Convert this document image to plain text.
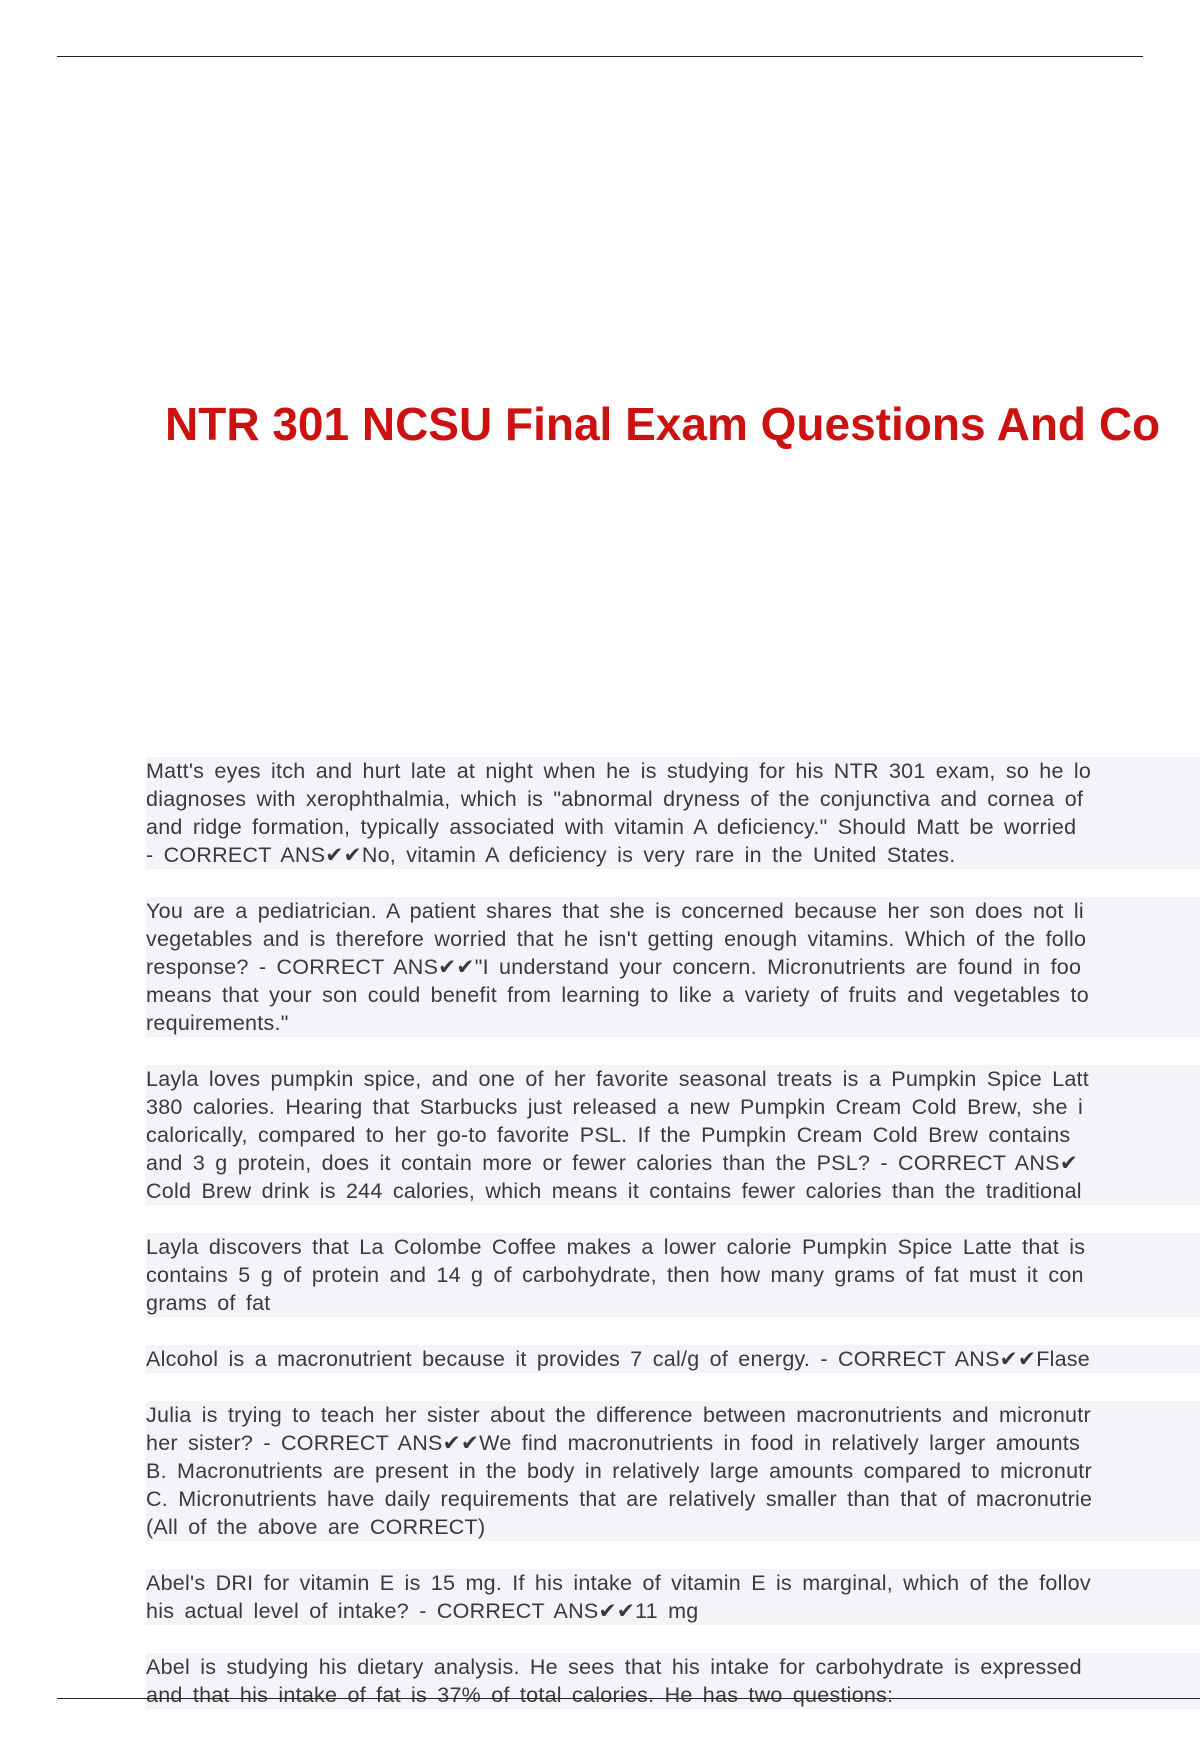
NTR 301 NCSU Final Exam Questions And Co
Matt's eyes itch and hurt late at night when he is studying for his NTR 301 exam, so he lo
diagnoses with xerophthalmia, which is "abnormal dryness of the conjunctiva and cornea of
and ridge formation, typically associated with vitamin A deficiency." Should Matt be worried
- CORRECT ANS✔✔No, vitamin A deficiency is very rare in the United States.
You are a pediatrician. A patient shares that she is concerned because her son does not li
vegetables and is therefore worried that he isn't getting enough vitamins. Which of the follo
response? - CORRECT ANS✔✔"I understand your concern. Micronutrients are found in foo
means that your son could benefit from learning to like a variety of fruits and vegetables to
requirements."
Layla loves pumpkin spice, and one of her favorite seasonal treats is a Pumpkin Spice Latt
380 calories. Hearing that Starbucks just released a new Pumpkin Cream Cold Brew, she i
calorically, compared to her go-to favorite PSL. If the Pumpkin Cream Cold Brew contains
and 3 g protein, does it contain more or fewer calories than the PSL? - CORRECT ANS✔
Cold Brew drink is 244 calories, which means it contains fewer calories than the traditional
Layla discovers that La Colombe Coffee makes a lower calorie Pumpkin Spice Latte that is
contains 5 g of protein and 14 g of carbohydrate, then how many grams of fat must it con
grams of fat
Alcohol is a macronutrient because it provides 7 cal/g of energy. - CORRECT ANS✔✔Flase
Julia is trying to teach her sister about the difference between macronutrients and micronutr
her sister? - CORRECT ANS✔✔We find macronutrients in food in relatively larger amounts
B. Macronutrients are present in the body in relatively large amounts compared to micronutr
C. Micronutrients have daily requirements that are relatively smaller than that of macronutrie
(All of the above are CORRECT)
Abel's DRI for vitamin E is 15 mg. If his intake of vitamin E is marginal, which of the follov
his actual level of intake? - CORRECT ANS✔✔11 mg
Abel is studying his dietary analysis. He sees that his intake for carbohydrate is expressed
and that his intake of fat is 37% of total calories. He has two questions:
